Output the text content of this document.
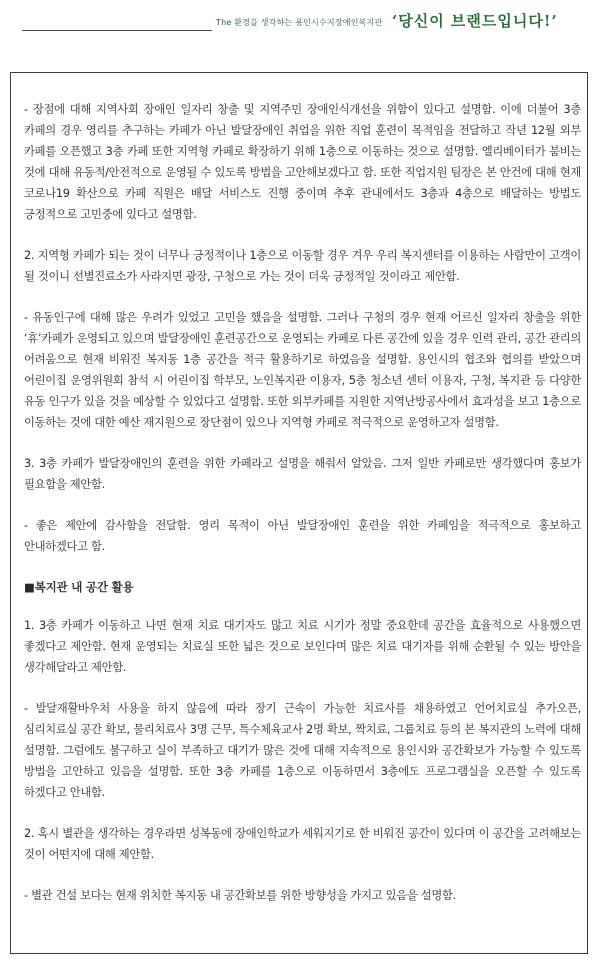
The 환경을 생각하는 용인시수지장애인복지관 ‘당신이 브랜드입니다!’

- 장점에 대해 지역사회 장애인 일자리 창출 및 지역주민 장애인식개선을 위함이 있다고 설명함. 이에 더불어 3층 카페의 경우 영리를 추구하는 카페가 아닌 발달장애인 취업을 위한 직업 훈련이 목적임을 전달하고 작년 12월 외부 카페를 오픈했고 3층 카페 또한 지역형 카페로 확장하기 위해 1층으로 이동하는 것으로 설명함. 엘리베이터가 붐비는 것에 대해 유동적/안전적으로 운영될 수 있도록 방법을 고안해보겠다고 함. 또한 직업지원 팀장은 본 안건에 대해 현재 코로나19 확산으로 카페 직원은 배달 서비스도 진행 중이며 추후 관내에서도 3층과 4층으로 배달하는 방법도 긍정적으로 고민중에 있다고 설명함.

2. 지역형 카페가 되는 것이 너무나 긍정적이나 1층으로 이동할 경우 겨우 우리 복지센터를 이용하는 사람만이 고객이 될 것이니 선별진료소가 사라지면 광장, 구청으로 가는 것이 더욱 긍정적일 것이라고 제안함.

- 유동인구에 대해 많은 우려가 있었고 고민을 했음을 설명함. 그러나 구청의 경우 현재 어르신 일자리 창출을 위한 ‘휴’카페가 운영되고 있으며 발달장애인 훈련공간으로 운영되는 카페로 다른 공간에 있을 경우 인력 관리, 공간 관리의 어려움으로 현재 비워진 복지동 1층 공간을 적극 활용하기로 하였음을 설명함. 용인시의 협조와 협의를 받았으며 어린이집 운영위원회 참석 시 어린이집 학부모, 노인복지관 이용자, 5층 청소년 센터 이용자, 구청, 복지관 등 다양한 유동 인구가 있을 것을 예상할 수 있었다고 설명함. 또한 외부카페를 지원한 지역난방공사에서 효과성을 보고 1층으로 이동하는 것에 대한 예산 재지원으로 장단점이 있으나 지역형 카페로 적극적으로 운영하고자 설명함.

3. 3층 카페가 발달장애인의 훈련을 위한 카페라고 설명을 해줘서 알았음. 그저 일반 카페로만 생각했다며 홍보가 필요함을 제안함.

- 좋은 제안에 감사함을 전달함. 영리 목적이 아닌 발달장애인 훈련을 위한 카페임을 적극적으로 홍보하고 안내하겠다고 함.

■복지관 내 공간 활용

1. 3층 카페가 이동하고 나면 현재 치료 대기자도 많고 치료 시기가 정말 중요한데 공간을 효율적으로 사용했으면 좋겠다고 제안함. 현재 운영되는 치료실 또한 넓은 것으로 보인다며 많은 치료 대기자를 위해 순환될 수 있는 방안을 생각해달라고 제안함.

- 발달재활바우처 사용을 하지 않음에 따라 장기 근속이 가능한 치료사를 채용하였고 언어치료실 추가오픈, 심리치료실 공간 확보, 물리치료사 3명 근무, 특수체육교사 2명 확보, 짝치료, 그룹치료 등의 본 복지관의 노력에 대해 설명함. 그럼에도 불구하고 실이 부족하고 대기가 많은 것에 대해 지속적으로 용인시와 공간확보가 가능할 수 있도록 방법을 고안하고 있음을 설명함. 또한 3층 카페를 1층으로 이동하면서 3층에도 프로그램실을 오픈할 수 있도록 하겠다고 안내함.

2. 혹시 별관을 생각하는 경우라면 성복동에 장애인학교가 세워지기로 한 비워진 공간이 있다며 이 공간을 고려해보는 것이 어떤지에 대해 제안함.

- 별관 건설 보다는 현재 위치한 복지동 내 공간확보를 위한 방향성을 가지고 있음을 설명함.
